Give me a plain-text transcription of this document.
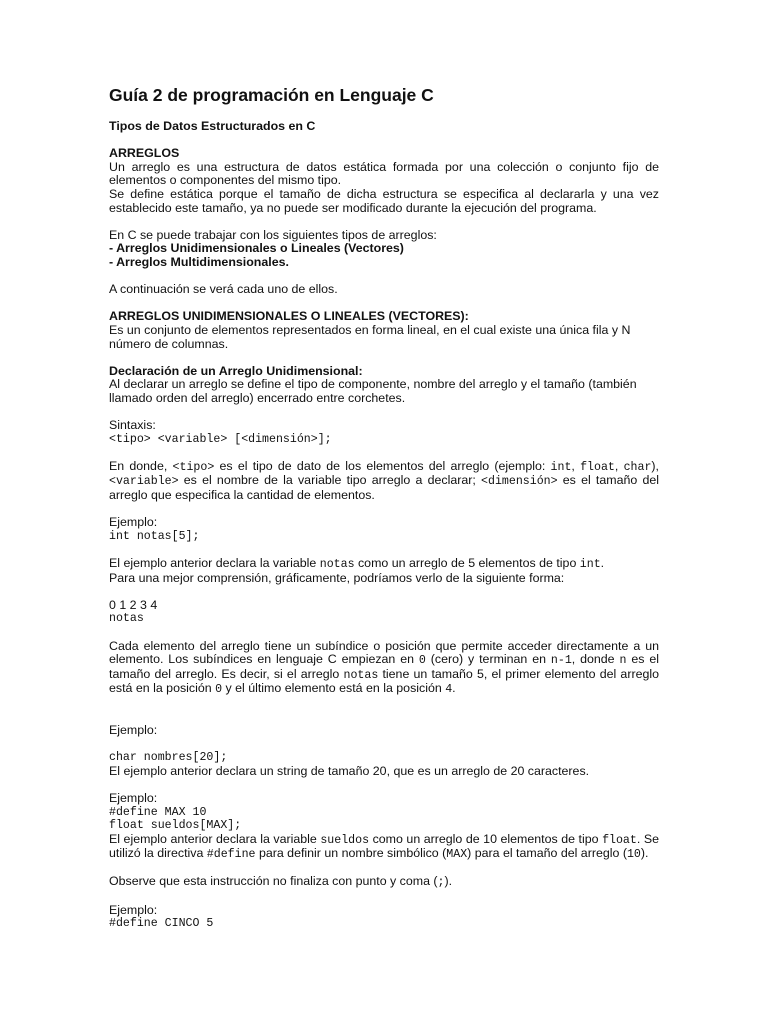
Guía 2 de programación en Lenguaje C
Tipos de Datos Estructurados en C
ARREGLOS

Un arreglo es una estructura de datos estática formada por una colección o conjunto fijo de elementos o componentes del mismo tipo.

Se define estática porque el tamaño de dicha estructura se especifica al declararla y una vez establecido este tamaño, ya no puede ser modificado durante la ejecución del programa.

En C se puede trabajar con los siguientes tipos de arreglos:

- Arreglos Unidimensionales o Lineales (Vectores)

- Arreglos Multidimensionales.

A continuación se verá cada uno de ellos.

ARREGLOS UNIDIMENSIONALES O LINEALES (VECTORES):

Es un conjunto de elementos representados en forma lineal, en el cual existe una única fila y N número de columnas.

Declaración de un Arreglo Unidimensional:

Al declarar un arreglo se define el tipo de componente, nombre del arreglo y el tamaño (también llamado orden del arreglo) encerrado entre corchetes.

Sintaxis:

<tipo> <variable> [<dimensión>];

En donde, <tipo> es el tipo de dato de los elementos del arreglo (ejemplo: int, float, char), <variable> es el nombre de la variable tipo arreglo a declarar; <dimensión> es el tamaño del arreglo que especifica la cantidad de elementos.

Ejemplo:

int notas[5];

El ejemplo anterior declara la variable notas como un arreglo de 5 elementos de tipo int.

Para una mejor comprensión, gráficamente, podríamos verlo de la siguiente forma:

0 1 2 3 4

notas

Cada elemento del arreglo tiene un subíndice o posición que permite acceder directamente a un elemento. Los subíndices en lenguaje C empiezan en 0 (cero) y terminan en n-1, donde n es el tamaño del arreglo. Es decir, si el arreglo notas tiene un tamaño 5, el primer elemento del arreglo está en la posición 0 y el último elemento está en la posición 4.

Ejemplo:

char nombres[20];

El ejemplo anterior declara un string de tamaño 20, que es un arreglo de 20 caracteres.

Ejemplo:

#define MAX 10

float sueldos[MAX];

El ejemplo anterior declara la variable sueldos como un arreglo de 10 elementos de tipo float. Se utilizó la directiva #define para definir un nombre simbólico (MAX) para el tamaño del arreglo (10).

Observe que esta instrucción no finaliza con punto y coma (;).

Ejemplo:

#define CINCO 5
